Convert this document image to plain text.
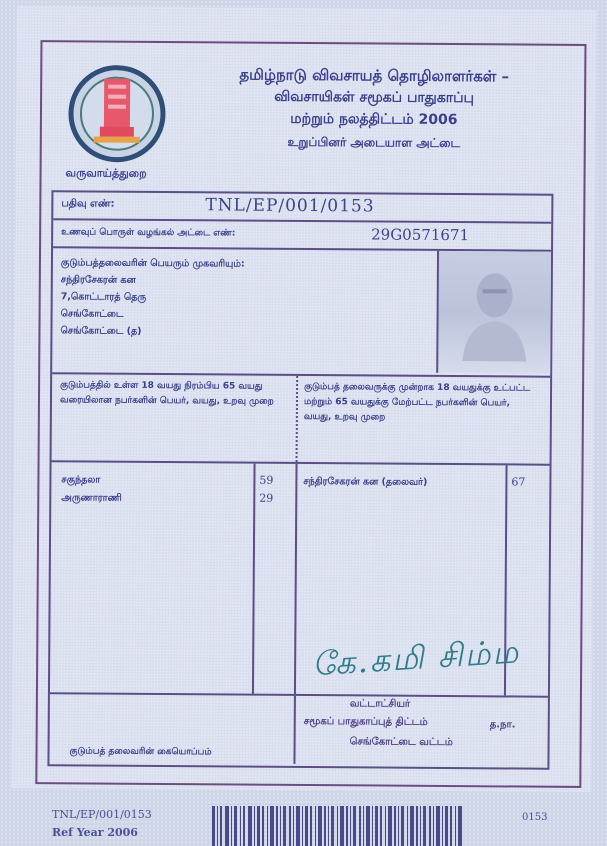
வருவாய்த்துறை
தமிழ்நாடு விவசாயத் தொழிலாளர்கள் –
விவசாயிகள் சமூகப் பாதுகாப்பு
மற்றும் நலத்திட்டம் 2006
உறுப்பினர் அடையாள அட்டை
பதிவு எண்:	TNL/EP/001/0153
உணவுப் பொருள் வழங்கல் அட்டை எண்:	29G0571671
குடும்பத்தலைவரின் பெயரும் முகவரியும்:
சந்திரசேகரன் கன
7,கொட்டாரத் தெரு
செங்கோட்டை
செங்கோட்டை (த)
குடும்பத்தில் உள்ள 18 வயது நிரம்பிய 65 வயது வரையிலான நபர்களின் பெயர், வயது, உறவு முறை
குடும்பத் தலைவருக்கு முன்றாக 18 வயதுக்கு உட்பட்ட மற்றும் 65 வயதுக்கு மேற்பட்ட நபர்களின் பெயர், வயது, உறவு முறை
சகுந்தலா	59
அருணாராணி	29
சந்திரசேகரன் கன (தலைவர்)	67
கே.கமி சிம்ம
வட்டாட்சியர்
சமூகப் பாதுகாப்புத் திட்டம்	த.நா.
செங்கோட்டை வட்டம்
குடும்பத் தலைவரின் கையொப்பம்
TNL/EP/001/0153
Ref Year 2006
0153
